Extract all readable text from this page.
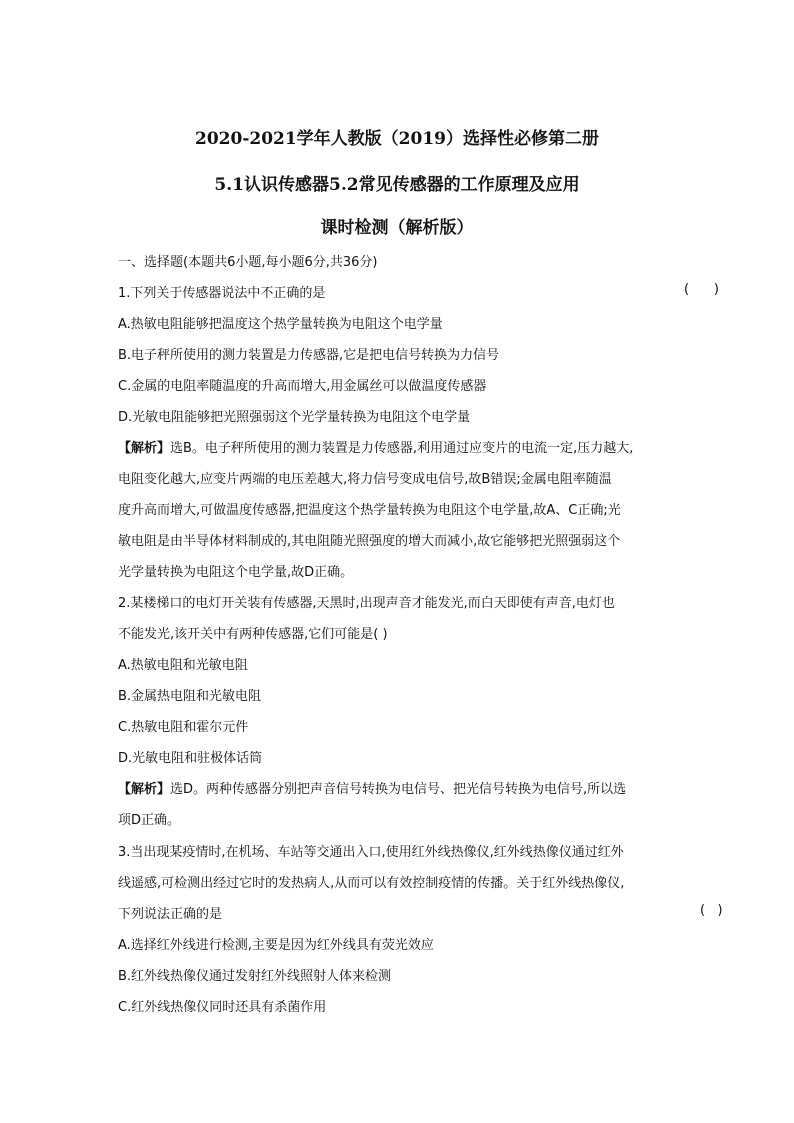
2020-2021学年人教版（2019）选择性必修第二册
5.1认识传感器5.2常见传感器的工作原理及应用
课时检测（解析版）
一、选择题(本题共6小题,每小题6分,共36分)
1.下列关于传感器说法中不正确的是	(      )
A.热敏电阻能够把温度这个热学量转换为电阻这个电学量
B.电子秤所使用的测力装置是力传感器,它是把电信号转换为力信号
C.金属的电阻率随温度的升高而增大,用金属丝可以做温度传感器
D.光敏电阻能够把光照强弱这个光学量转换为电阻这个电学量
【解析】选B。电子秤所使用的测力装置是力传感器,利用通过应变片的电流一定,压力越大,
电阻变化越大,应变片两端的电压差越大,将力信号变成电信号,故B错误;金属电阻率随温
度升高而增大,可做温度传感器,把温度这个热学量转换为电阻这个电学量,故A、C正确;光
敏电阻是由半导体材料制成的,其电阻随光照强度的增大而减小,故它能够把光照强弱这个
光学量转换为电阻这个电学量,故D正确。
2.某楼梯口的电灯开关装有传感器,天黑时,出现声音才能发光,而白天即使有声音,电灯也
不能发光,该开关中有两种传感器,它们可能是( )
A.热敏电阻和光敏电阻
B.金属热电阻和光敏电阻
C.热敏电阻和霍尔元件
D.光敏电阻和驻极体话筒
【解析】选D。两种传感器分别把声音信号转换为电信号、把光信号转换为电信号,所以选
项D正确。
3.当出现某疫情时,在机场、车站等交通出入口,使用红外线热像仪,红外线热像仪通过红外
线遥感,可检测出经过它时的发热病人,从而可以有效控制疫情的传播。关于红外线热像仪,
下列说法正确的是	(   )
A.选择红外线进行检测,主要是因为红外线具有荧光效应
B.红外线热像仪通过发射红外线照射人体来检测
C.红外线热像仪同时还具有杀菌作用
